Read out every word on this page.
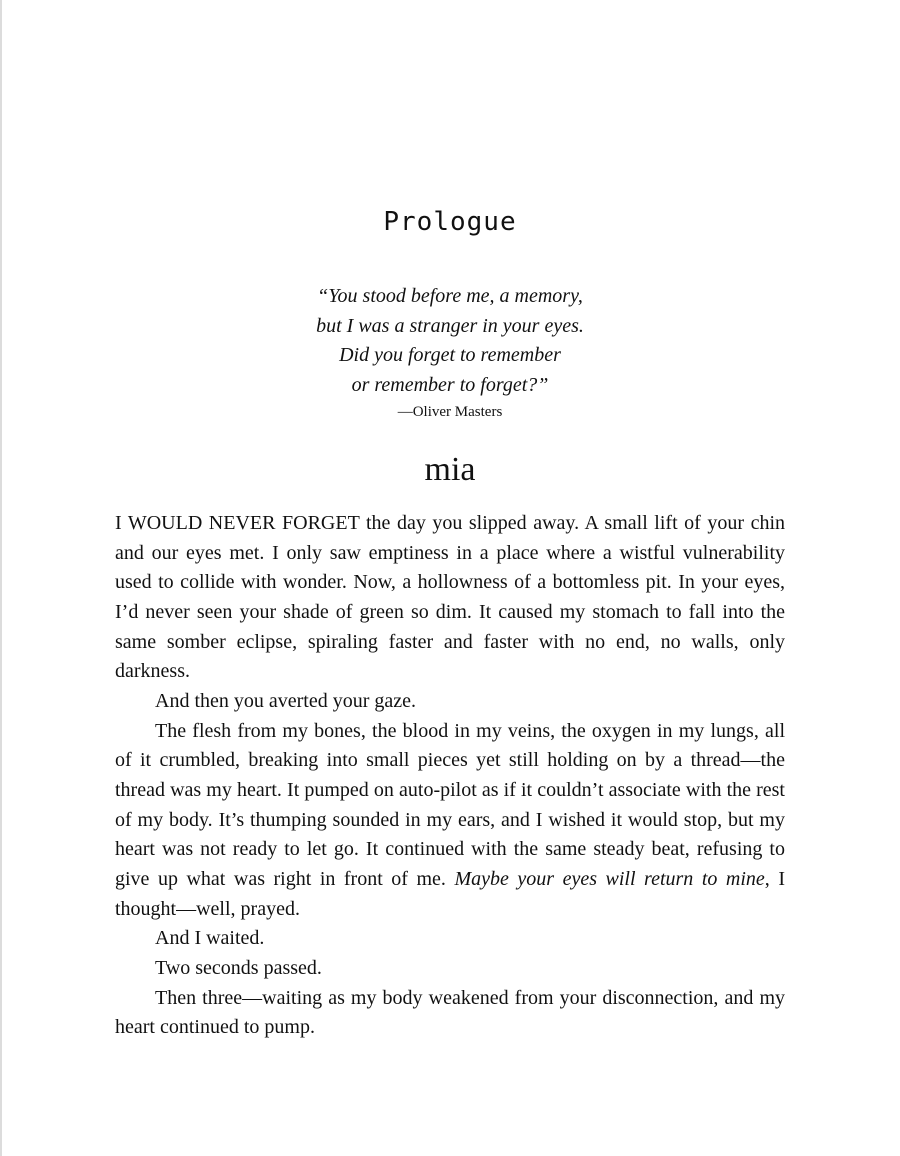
Prologue
“You stood before me, a memory,
but I was a stranger in your eyes.
Did you forget to remember
or remember to forget?”
—Oliver Masters
mia

I WOULD NEVER FORGET the day you slipped away. A small lift of your chin and our eyes met. I only saw emptiness in a place where a wistful vulnerability used to collide with wonder. Now, a hollowness of a bottomless pit. In your eyes, I’d never seen your shade of green so dim. It caused my stomach to fall into the same somber eclipse, spiraling faster and faster with no end, no walls, only darkness.

And then you averted your gaze.

The flesh from my bones, the blood in my veins, the oxygen in my lungs, all of it crumbled, breaking into small pieces yet still holding on by a thread—the thread was my heart. It pumped on auto-pilot as if it couldn’t associate with the rest of my body. It’s thumping sounded in my ears, and I wished it would stop, but my heart was not ready to let go. It continued with the same steady beat, refusing to give up what was right in front of me. Maybe your eyes will return to mine, I thought—well, prayed.

And I waited.

Two seconds passed.

Then three—waiting as my body weakened from your disconnection, and my heart continued to pump.
